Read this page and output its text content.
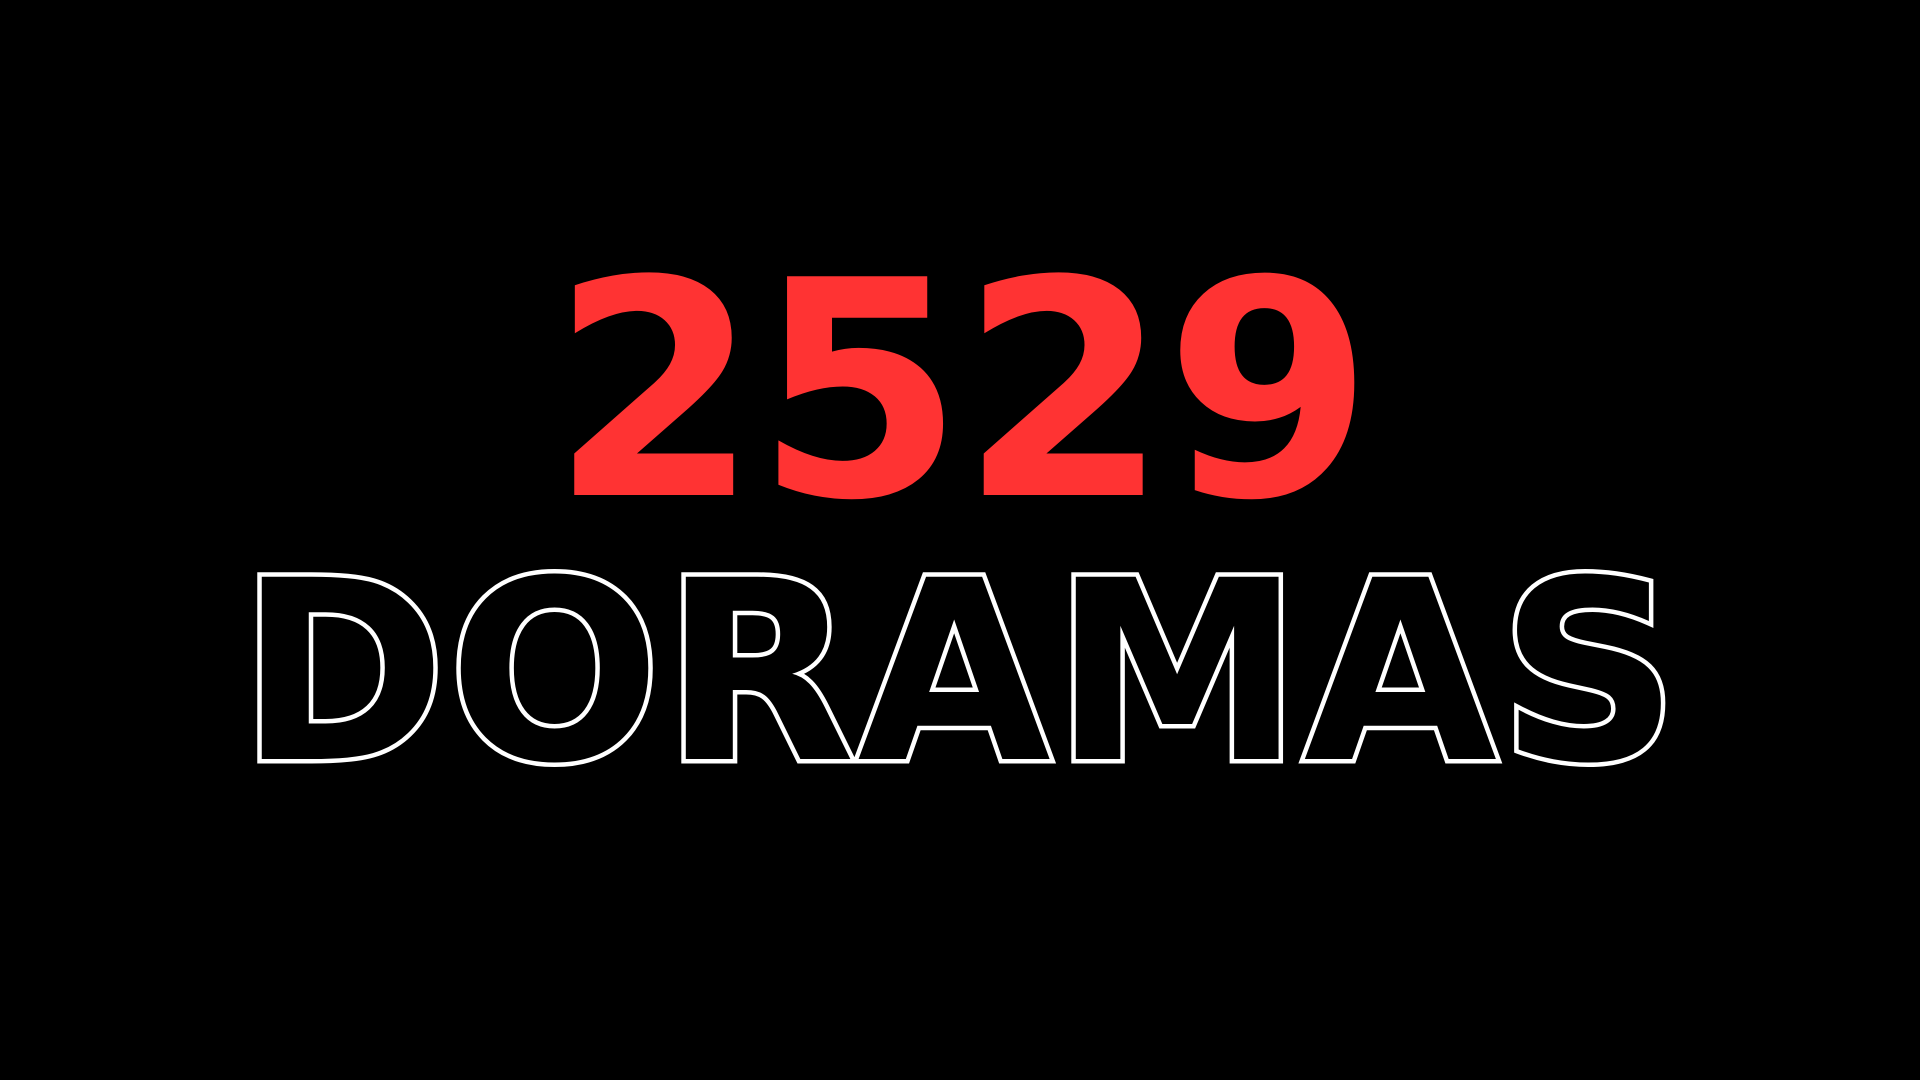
2529
DORAMAS
